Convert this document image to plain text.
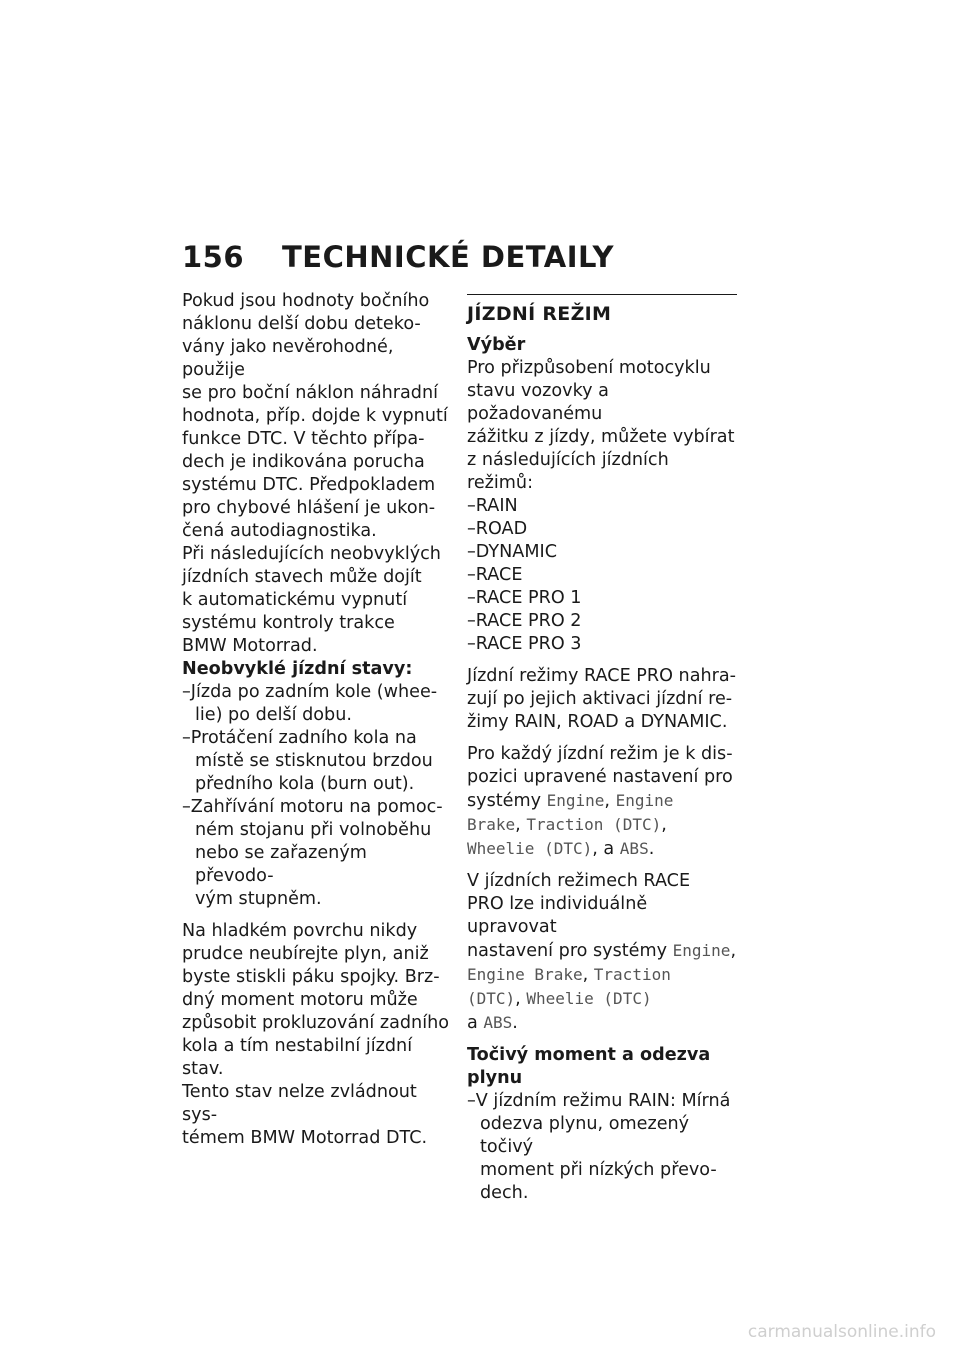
156 TECHNICKÉ DETAILY

Pokud jsou hodnoty bočního

náklonu delší dobu deteko-

vány jako nevěrohodné, použije

se pro boční náklon náhradní

hodnota, příp. dojde k vypnutí

funkce DTC. V těchto přípa-

dech je indikována porucha

systému DTC. Předpokladem

pro chybové hlášení je ukon-

čená autodiagnostika.

Při následujících neobvyklých

jízdních stavech může dojít

k automatickému vypnutí

systému kontroly trakce

BMW Motorrad.

Neobvyklé jízdní stavy:

–Jízda po zadním kole (whee-

lie) po delší dobu.

–Protáčení zadního kola na

místě se stisknutou brzdou

předního kola (burn out).

–Zahřívání motoru na pomoc-

ném stojanu při volnoběhu

nebo se zařazeným převodo-

vým stupněm.

Na hladkém povrchu nikdy

prudce neubírejte plyn, aniž

byste stiskli páku spojky. Brz-

dný moment motoru může

způsobit prokluzování zadního

kola a tím nestabilní jízdní stav.

Tento stav nelze zvládnout sys-

témem BMW Motorrad DTC.

JÍZDNÍ REŽIM

Výběr

Pro přizpůsobení motocyklu

stavu vozovky a požadovanému

zážitku z jízdy, můžete vybírat

z následujících jízdních režimů:

–RAIN

–ROAD

–DYNAMIC

–RACE

–RACE PRO 1

–RACE PRO 2

–RACE PRO 3

Jízdní režimy RACE PRO nahra-

zují po jejich aktivaci jízdní re-

žimy RAIN, ROAD a DYNAMIC.

Pro každý jízdní režim je k dis-

pozici upravené nastavení pro

systémy Engine, Engine

Brake, Traction (DTC),

Wheelie (DTC), a ABS.

V jízdních režimech RACE

PRO lze individuálně upravovat

nastavení pro systémy Engine,

Engine Brake, Traction

(DTC), Wheelie (DTC)

a ABS.

Točivý moment a odezva

plynu

–V jízdním režimu RAIN: Mírná

odezva plynu, omezený točivý

moment při nízkých převo-

dech.

carmanualsonline.info
